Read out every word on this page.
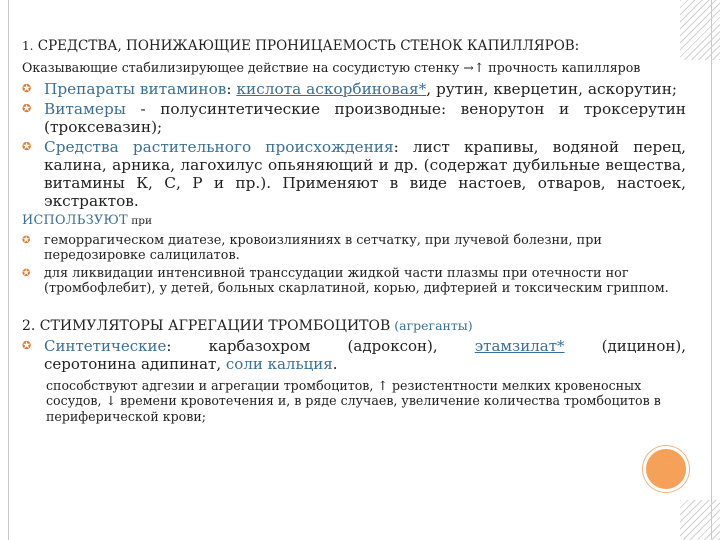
1. СРЕДСТВА, ПОНИЖАЮЩИЕ ПРОНИЦАЕМОСТЬ СТЕНОК КАПИЛЛЯРОВ:
Оказывающие стабилизирующее действие на сосудистую стенку →↑ прочность капилляров
✪ Препараты витаминов: кислота аскорбиновая*, рутин, кверцетин, аскорутин;
✪ Витамеры - полусинтетические производные: венорутон и троксерутин (троксевазин);
✪ Средства растительного происхождения: лист крапивы, водяной перец, калина, арника, лагохилус опьяняющий и др. (содержат дубильные вещества, витамины К, С, Р и пр.). Применяют в виде настоев, отваров, настоек, экстрактов.
ИСПОЛЬЗУЮТ при
✪	геморрагическом диатезе, кровоизлияниях в сетчатку, при лучевой болезни, при передозировке салицилатов.
✪	для ликвидации интенсивной транссудации жидкой части плазмы при отечности ног (тромбофлебит), у детей, больных скарлатиной, корью, дифтерией и токсическим гриппом.
2. СТИМУЛЯТОРЫ АГРЕГАЦИИ ТРОМБОЦИТОВ (агреганты)
✪ Синтетические: карбазохром (адроксон), этамзилат* (дицинон),
серотонина адипинат, соли кальция.
способствуют адгезии и агрегации тромбоцитов, ↑ резистентности мелких кровеносных сосудов, ↓ времени кровотечения и, в ряде случаев, увеличение количества тромбоцитов в периферической крови;
